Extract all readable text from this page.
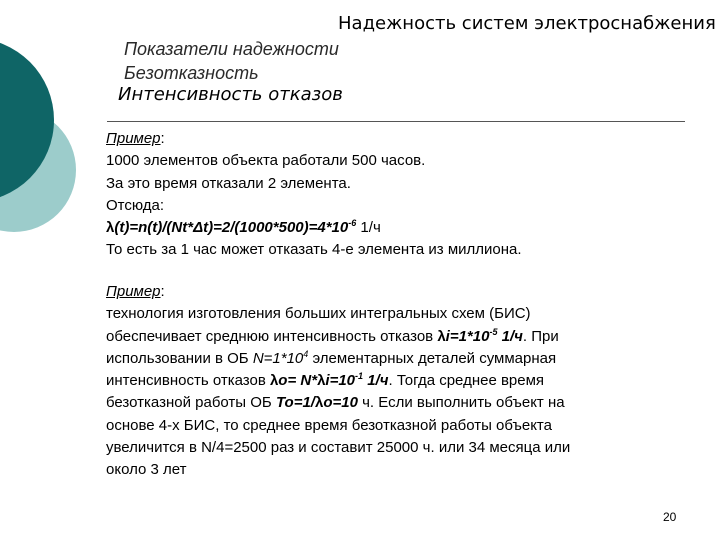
Надежность систем электроснабжения
Показатели надежности
Безотказность
Интенсивность отказов
Пример:
1000 элементов объекта работали 500 часов.
За это время отказали 2 элемента.
Отсюда:
$\lambda(t)=n(t)/(Nt*\Delta t)=2/(1000*500)=4*10^{-6}$ 1/ч
То есть за 1 час может отказать 4-е элемента из миллиона.
Пример:
технология изготовления больших интегральных схем (БИС)
обеспечивает среднюю интенсивность отказов $\lambda i=1*10^{-5}$ 1/ч. При
использовании в ОБ $N=1*10^4$ элементарных деталей суммарная
интенсивность отказов $\lambda o= N*\lambda i=10^{-1}$ 1/ч. Тогда среднее время
безотказной работы ОБ To=1/λo=10 ч. Если выполнить объект на
основе 4-х БИС, то среднее время безотказной работы объекта
увеличится в N/4=2500 раз и составит 25000 ч. или 34 месяца или
около 3 лет
20
